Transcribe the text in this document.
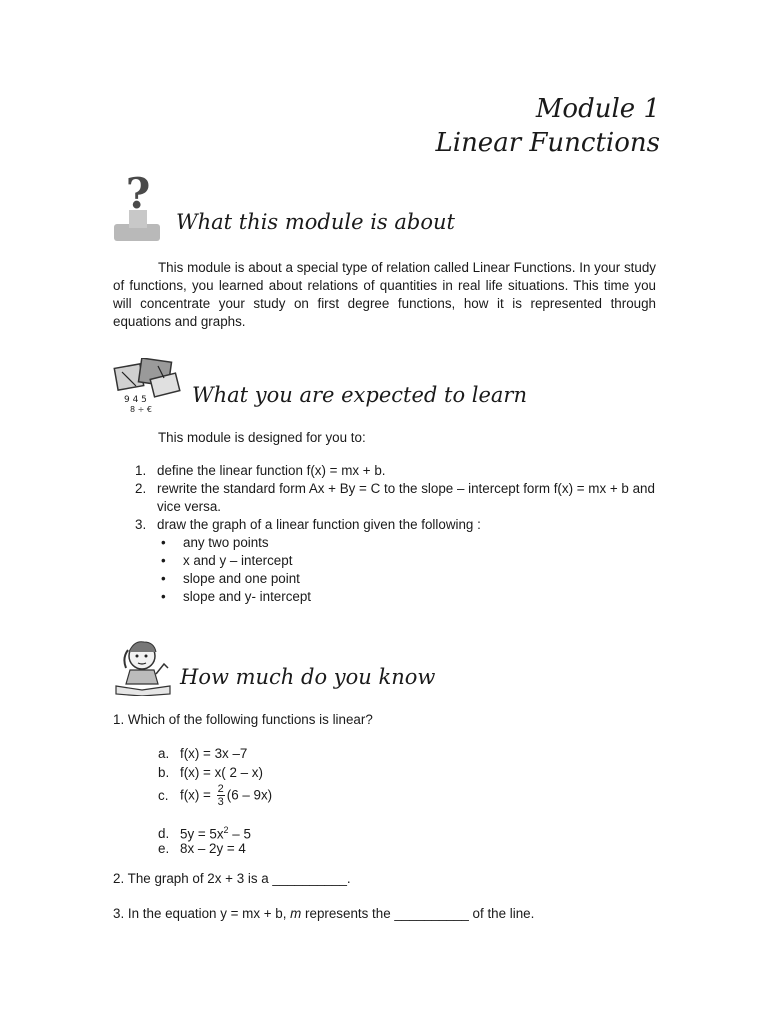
Module 1
Linear Functions
?
What this module is about

This module is about a special type of relation called Linear Functions. In your study of functions, you learned about relations of quantities in real life situations. This time you will concentrate your study on first degree functions, how it is represented through equations and graphs.

9 4 5
8 ÷ €
What you are expected to learn
This module is designed for you to:
1. define the linear function f(x) = mx + b.
2. rewrite the standard form Ax + By = C to the slope – intercept form f(x) = mx + b and vice versa.
3. draw the graph of a linear function given the following :
• any two points
• x and y – intercept
• slope and one point
• slope and y- intercept
How much do you know
1. Which of the following functions is linear?
a. f(x) = 3x –7
b. f(x) = x( 2 – x)
c. $f(x) = \frac{2}{3} (6 - 9x)$
d. $5y = 5x^2 - 5$
e. 8x – 2y = 4
2. The graph of 2x + 3 is a __________.
3. In the equation y = mx + b, m represents the __________ of the line.
